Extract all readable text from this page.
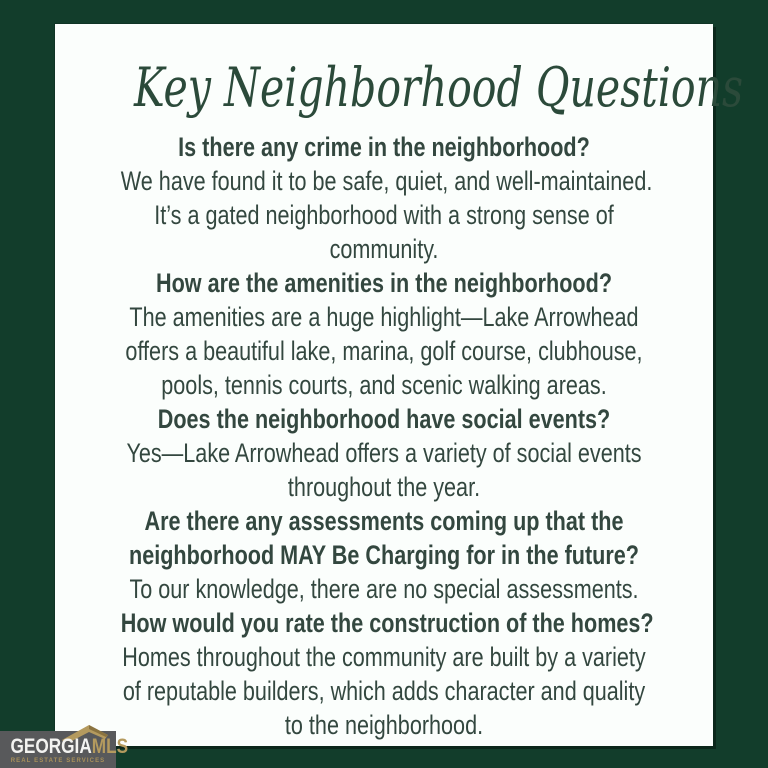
Key Neighborhood Questions
Is there any crime in the neighborhood?
We have found it to be safe, quiet, and well-maintained.
It’s a gated neighborhood with a strong sense of
community.
How are the amenities in the neighborhood?
The amenities are a huge highlight—Lake Arrowhead
offers a beautiful lake, marina, golf course, clubhouse,
pools, tennis courts, and scenic walking areas.
Does the neighborhood have social events?
Yes—Lake Arrowhead offers a variety of social events
throughout the year.
Are there any assessments coming up that the
neighborhood MAY Be Charging for in the future?
To our knowledge, there are no special assessments.
How would you rate the construction of the homes?
Homes throughout the community are built by a variety
of reputable builders, which adds character and quality
to the neighborhood.
GEORGIAMLS
REAL ESTATE SERVICES
